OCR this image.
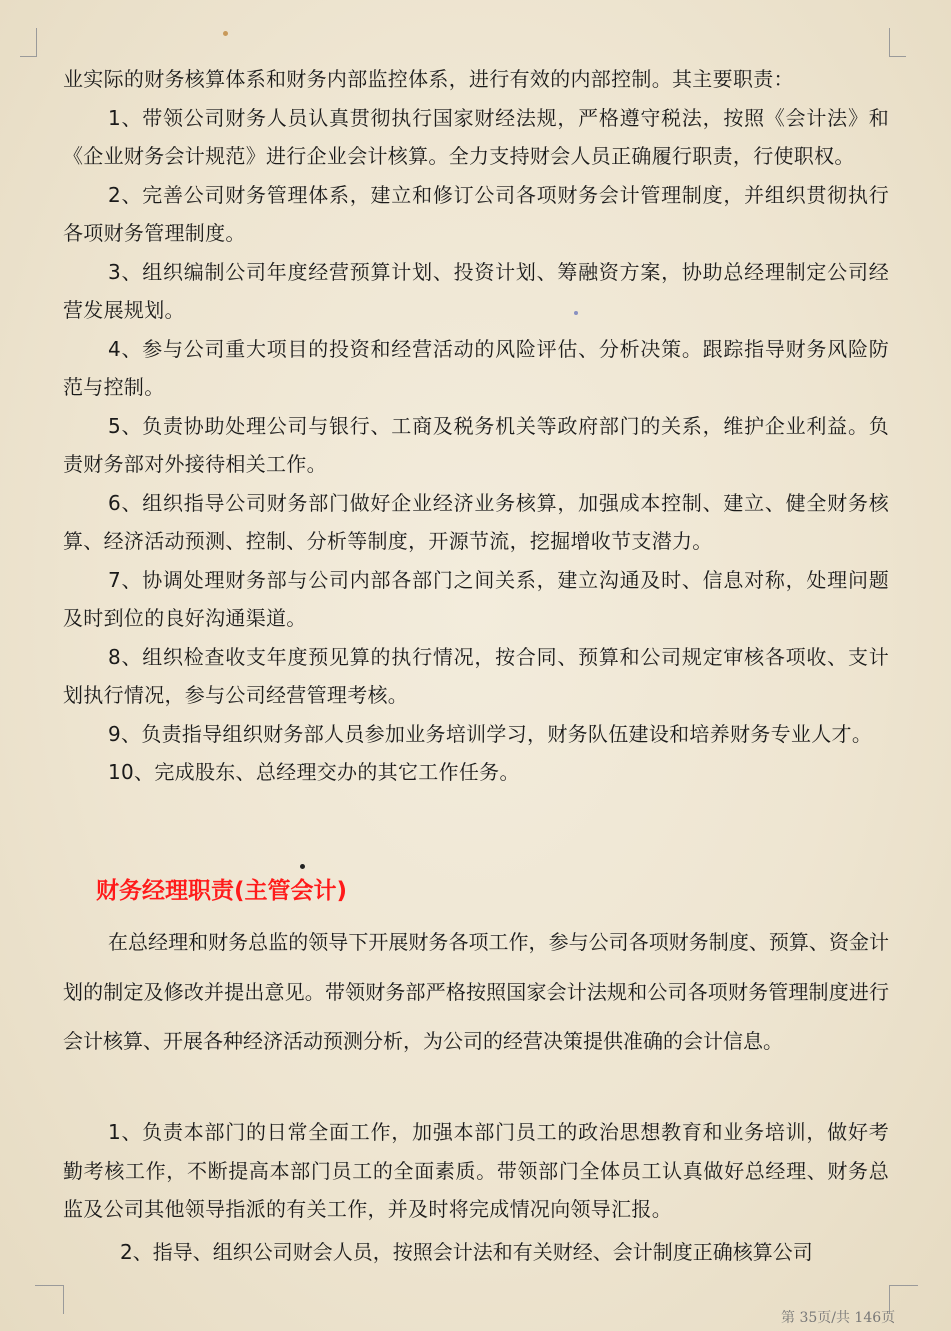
业实际的财务核算体系和财务内部监控体系，进行有效的内部控制。其主要职责：

1、带领公司财务人员认真贯彻执行国家财经法规，严格遵守税法，按照《会计法》和《企业财务会计规范》进行企业会计核算。全力支持财会人员正确履行职责，行使职权。

2、完善公司财务管理体系，建立和修订公司各项财务会计管理制度，并组织贯彻执行各项财务管理制度。

3、组织编制公司年度经营预算计划、投资计划、筹融资方案，协助总经理制定公司经营发展规划。

4、参与公司重大项目的投资和经营活动的风险评估、分析决策。跟踪指导财务风险防范与控制。

5、负责协助处理公司与银行、工商及税务机关等政府部门的关系，维护企业利益。负责财务部对外接待相关工作。

6、组织指导公司财务部门做好企业经济业务核算，加强成本控制、建立、健全财务核算、经济活动预测、控制、分析等制度，开源节流，挖掘增收节支潜力。

7、协调处理财务部与公司内部各部门之间关系，建立沟通及时、信息对称，处理问题及时到位的良好沟通渠道。

8、组织检查收支年度预见算的执行情况，按合同、预算和公司规定审核各项收、支计划执行情况，参与公司经营管理考核。

9、负责指导组织财务部人员参加业务培训学习，财务队伍建设和培养财务专业人才。

10、完成股东、总经理交办的其它工作任务。

财务经理职责(主管会计)

在总经理和财务总监的领导下开展财务各项工作，参与公司各项财务制度、预算、资金计划的制定及修改并提出意见。带领财务部严格按照国家会计法规和公司各项财务管理制度进行会计核算、开展各种经济活动预测分析，为公司的经营决策提供准确的会计信息。

1、负责本部门的日常全面工作，加强本部门员工的政治思想教育和业务培训，做好考勤考核工作，不断提高本部门员工的全面素质。带领部门全体员工认真做好总经理、财务总监及公司其他领导指派的有关工作，并及时将完成情况向领导汇报。

2、指导、组织公司财会人员，按照会计法和有关财经、会计制度正确核算公司

第 35页/共 146页
